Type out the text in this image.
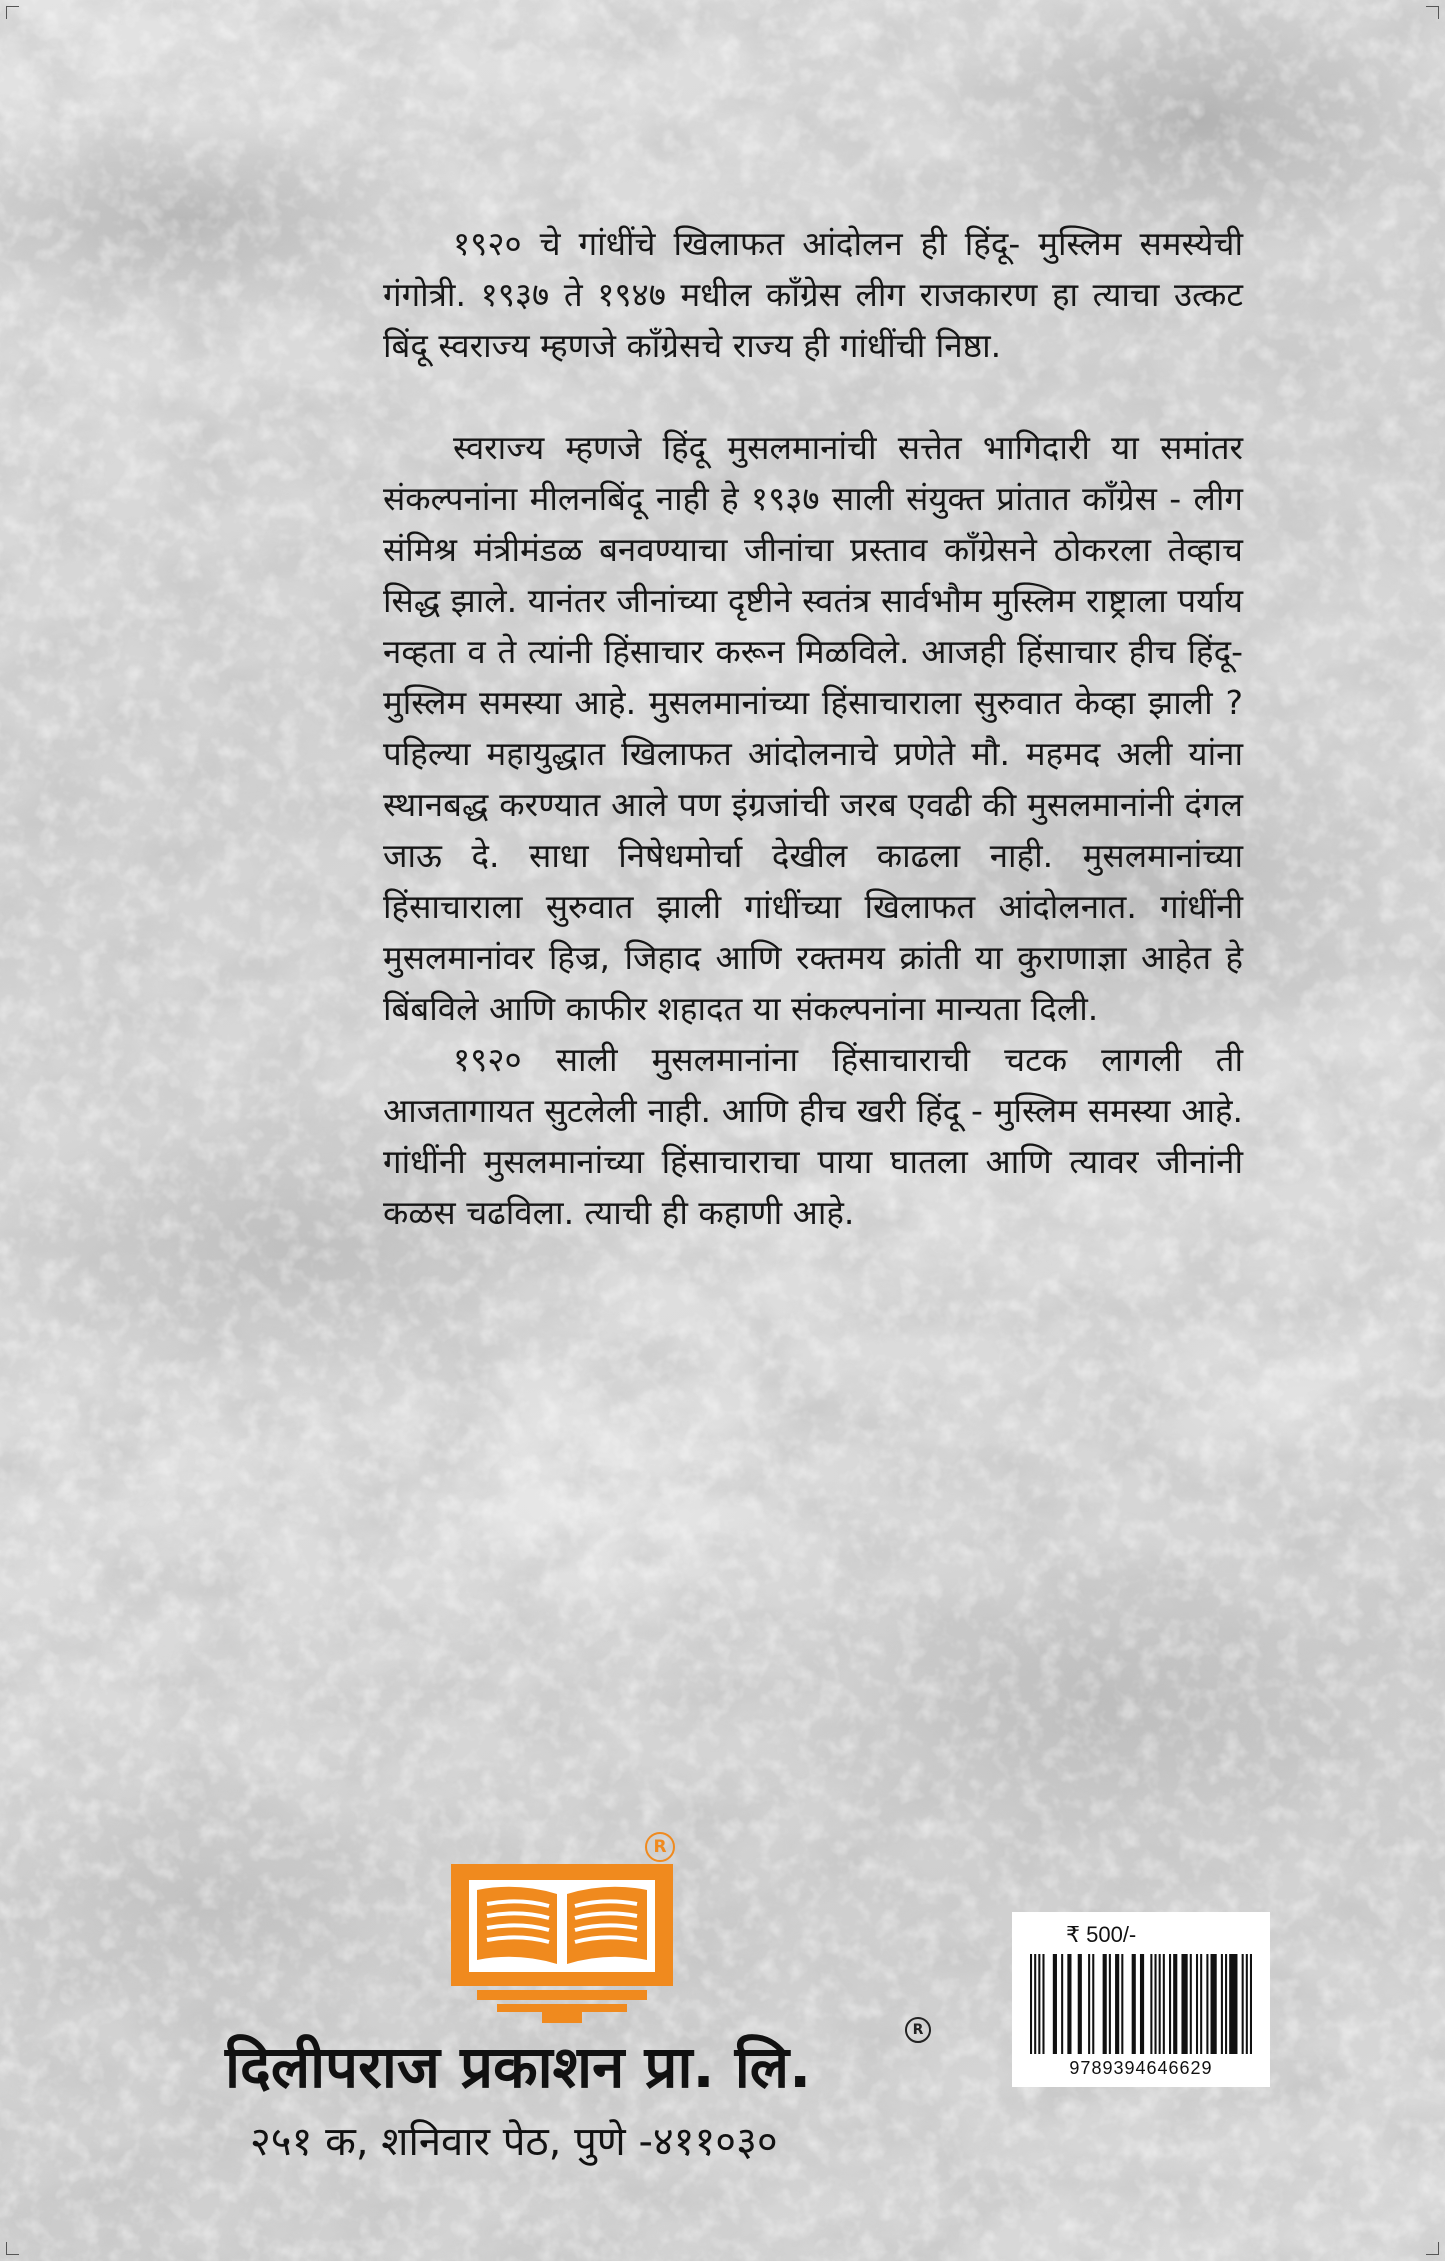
१९२० चे गांधींचे खिलाफत आंदोलन ही हिंदू- मुस्लिम समस्येची गंगोत्री. १९३७ ते १९४७ मधील काँग्रेस लीग राजकारण हा त्याचा उत्कट बिंदू स्वराज्य म्हणजे काँग्रेसचे राज्य ही गांधींची निष्ठा.

स्वराज्य म्हणजे हिंदू मुसलमानांची सत्तेत भागिदारी या समांतर संकल्पनांना मीलनबिंदू नाही हे १९३७ साली संयुक्त प्रांतात काँग्रेस - लीग संमिश्र मंत्रीमंडळ बनवण्याचा जीनांचा प्रस्ताव काँग्रेसने ठोकरला तेव्हाच सिद्ध झाले. यानंतर जीनांच्या दृष्टीने स्वतंत्र सार्वभौम मुस्लिम राष्ट्राला पर्याय नव्हता व ते त्यांनी हिंसाचार करून मिळविले. आजही हिंसाचार हीच हिंदू- मुस्लिम समस्या आहे. मुसलमानांच्या हिंसाचाराला सुरुवात केव्हा झाली ? पहिल्या महायुद्धात खिलाफत आंदोलनाचे प्रणेते मौ. महमद अली यांना स्थानबद्ध करण्यात आले पण इंग्रजांची जरब एवढी की मुसलमानांनी दंगल जाऊ दे. साधा निषेधमोर्चा देखील काढला नाही. मुसलमानांच्या हिंसाचाराला सुरुवात झाली गांधींच्या खिलाफत आंदोलनात. गांधींनी मुसलमानांवर हिज्र, जिहाद आणि रक्तमय क्रांती या कुराणाज्ञा आहेत हे बिंबविले आणि काफीर शहादत या संकल्पनांना मान्यता दिली.

१९२० साली मुसलमानांना हिंसाचाराची चटक लागली ती आजतागायत सुटलेली नाही. आणि हीच खरी हिंदू - मुस्लिम समस्या आहे. गांधींनी मुसलमानांच्या हिंसाचाराचा पाया घातला आणि त्यावर जीनांनी कळस चढविला. त्याची ही कहाणी आहे.

R
दिलीपराज प्रकाशन प्रा. लि.
R
२५१ क, शनिवार पेठ, पुणे -४११०३०
₹ 500/-
9789394646629
